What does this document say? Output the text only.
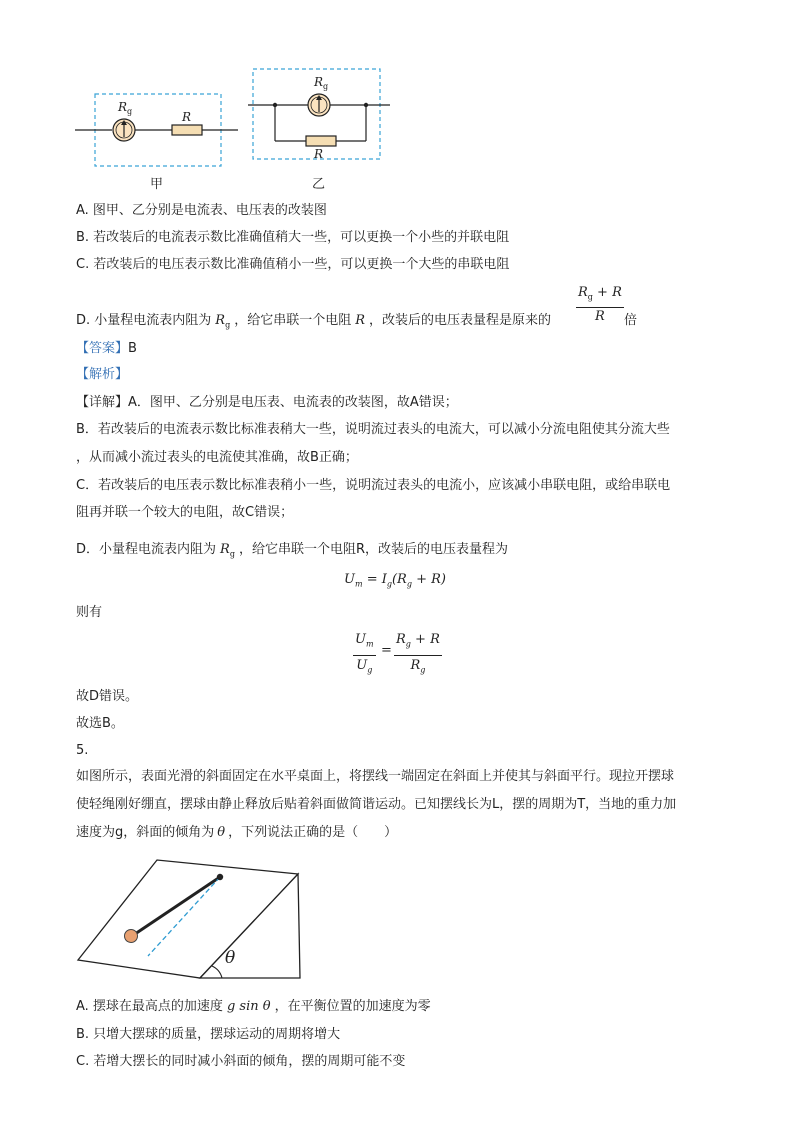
$R_g$	R
$R_g$
R
甲	乙
A. 图甲、乙分别是电流表、电压表的改装图
B. 若改装后的电流表示数比准确值稍大一些，可以更换一个小些的并联电阻
C. 若改装后的电压表示数比准确值稍小一些，可以更换一个大些的串联电阻
D. 小量程电流表内阻为 $R_g$ ，给它串联一个电阻 R ，改装后的电压表量程是原来的 $\frac{R_g + R}{R}$ 倍
【答案】B
【解析】
【详解】A．图甲、乙分别是电压表、电流表的改装图，故A错误；
B．若改装后的电流表示数比标准表稍大一些，说明流过表头的电流大，可以减小分流电阻使其分流大些
，从而减小流过表头的电流使其准确，故B正确；
C．若改装后的电压表示数比标准表稍小一些，说明流过表头的电流小，应该减小串联电阻，或给串联电
阻再并联一个较大的电阻，故C错误；
D．小量程电流表内阻为 $R_g$ ，给它串联一个电阻R，改装后的电压表量程为
$U_m = I_g(R_g + R)$
则有
$\frac{U_m}{U_g} = \frac{R_g + R}{R_g}$
故D错误。
故选B。
5.
如图所示，表面光滑的斜面固定在水平桌面上，将摆线一端固定在斜面上并使其与斜面平行。现拉开摆球
使轻绳刚好绷直，摆球由静止释放后贴着斜面做简谐运动。已知摆线长为L，摆的周期为T，当地的重力加
速度为g，斜面的倾角为 θ ，下列说法正确的是（　　）
θ
A. 摆球在最高点的加速度 g sin θ ，在平衡位置的加速度为零
B. 只增大摆球的质量，摆球运动的周期将增大
C. 若增大摆长的同时减小斜面的倾角，摆的周期可能不变
